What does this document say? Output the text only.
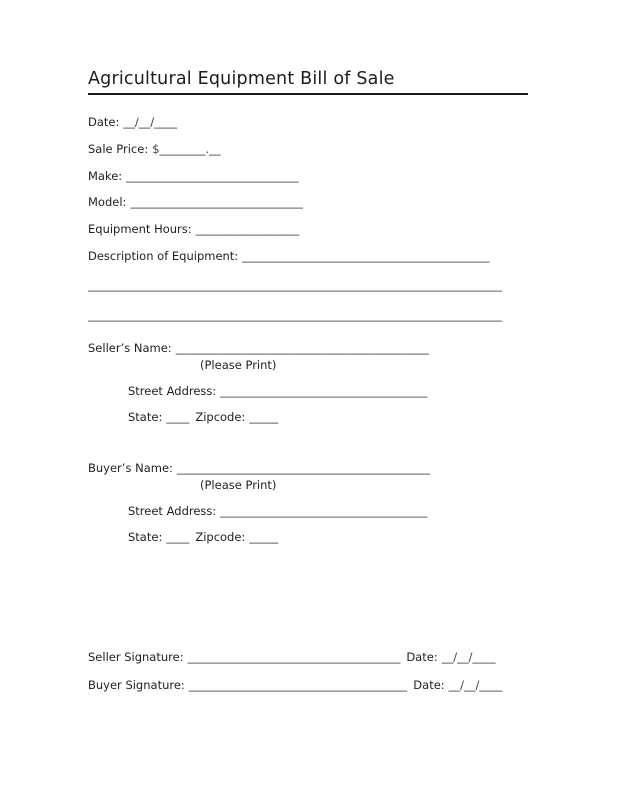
Agricultural Equipment Bill of Sale
Date: __/__/____
Sale Price: $________.__
Make: ______________________________
Model: ______________________________
Equipment Hours: __________________
Description of Equipment: ___________________________________________
________________________________________________________________________
________________________________________________________________________
Seller’s Name: ____________________________________________
(Please Print)
Street Address: ____________________________________
State: ____ Zipcode: _____
Buyer’s Name: ____________________________________________
(Please Print)
Street Address: ____________________________________
State: ____ Zipcode: _____
Seller Signature: _____________________________________ Date: __/__/____
Buyer Signature: ______________________________________ Date: __/__/____
